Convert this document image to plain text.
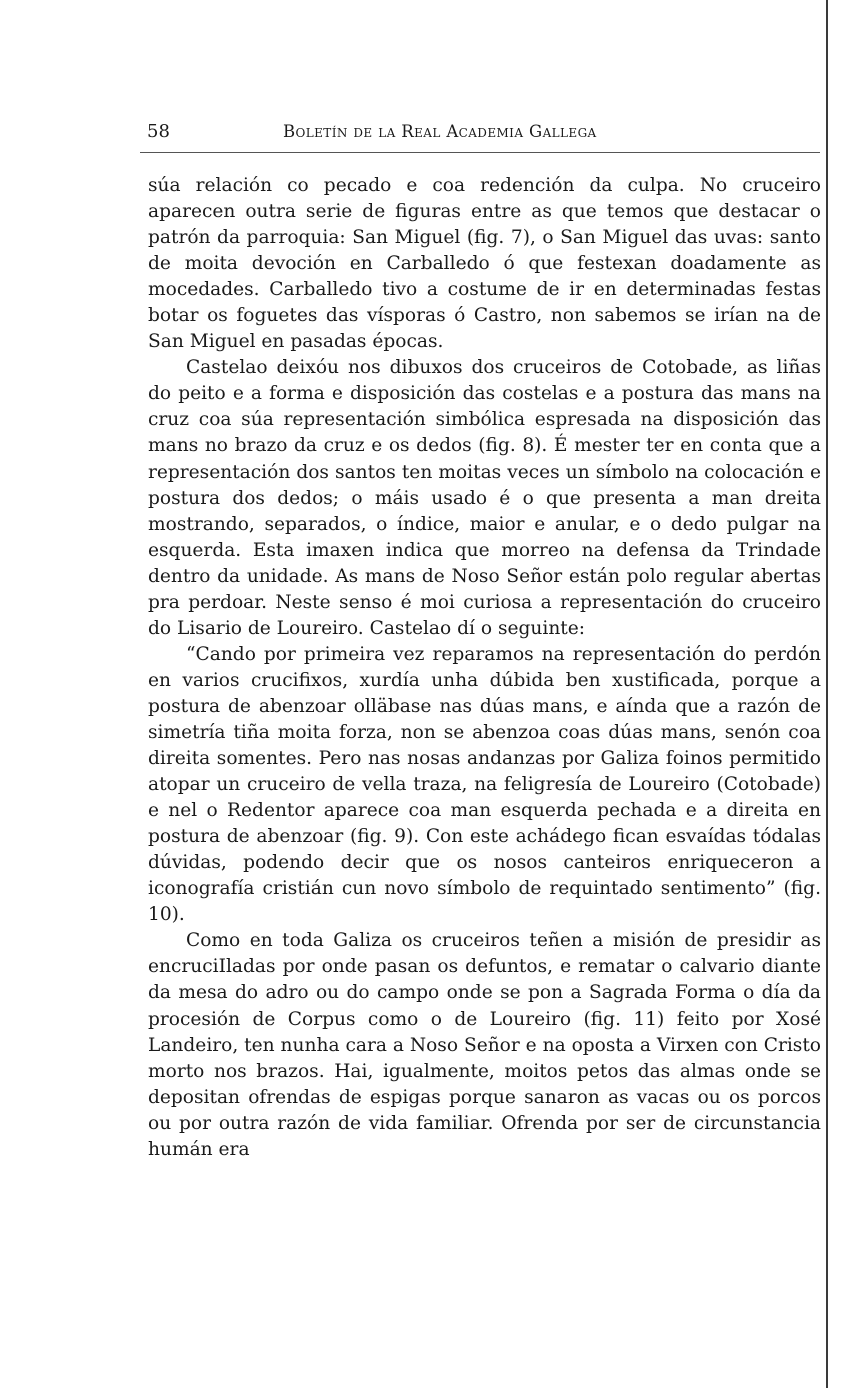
58	Boletín de la Real Academia Gallega

súa relación co pecado e coa redención da culpa. No cruceiro aparecen outra serie de figuras entre as que temos que destacar o patrón da parroquia: San Miguel (fig. 7), o San Miguel das uvas: santo de moita devoción en Carballedo ó que festexan doadamente as mocedades. Carballedo tivo a costume de ir en determinadas festas botar os foguetes das vísporas ó Castro, non sabemos se irían na de San Miguel en pasadas épocas.

Castelao deixóu nos dibuxos dos cruceiros de Cotobade, as liñas do peito e a forma e disposición das costelas e a postura das mans na cruz coa súa representación simbólica espresada na disposición das mans no brazo da cruz e os dedos (fig. 8). É mester ter en conta que a representación dos santos ten moitas veces un símbolo na colocación e postura dos dedos; o máis usado é o que presenta a man dreita mostrando, separados, o índice, maior e anular, e o dedo pulgar na esquerda. Esta imaxen indica que morreo na defensa da Trindade dentro da unidade. As mans de Noso Señor están polo regular abertas pra perdoar. Neste senso é moi curiosa a representación do cruceiro do Lisario de Loureiro. Castelao dí o seguinte:

“Cando por primeira vez reparamos na representación do perdón en varios crucifixos, xurdía unha dúbida ben xustificada, porque a postura de abenzoar olläbase nas dúas mans, e aínda que a razón de simetría tiña moita forza, non se abenzoa coas dúas mans, senón coa direita somentes. Pero nas nosas andanzas por Galiza foinos permitido atopar un cruceiro de vella traza, na feligresía de Loureiro (Cotobade) e nel o Redentor aparece coa man esquerda pechada e a direita en postura de abenzoar (fig. 9). Con este achádego fican esvaídas tódalas dúvidas, podendo decir que os nosos canteiros enriqueceron a iconografía cristián cun novo símbolo de requintado sentimento” (fig. 10).

Como en toda Galiza os cruceiros teñen a misión de presidir as encruciIladas por onde pasan os defuntos, e rematar o calvario diante da mesa do adro ou do campo onde se pon a Sagrada Forma o día da procesión de Corpus como o de Loureiro (fig. 11) feito por Xosé Landeiro, ten nunha cara a Noso Señor e na oposta a Virxen con Cristo morto nos brazos. Hai, igualmente, moitos petos das almas onde se depositan ofrendas de espigas porque sanaron as vacas ou os porcos ou por outra razón de vida familiar. Ofrenda por ser de circunstancia humán era
